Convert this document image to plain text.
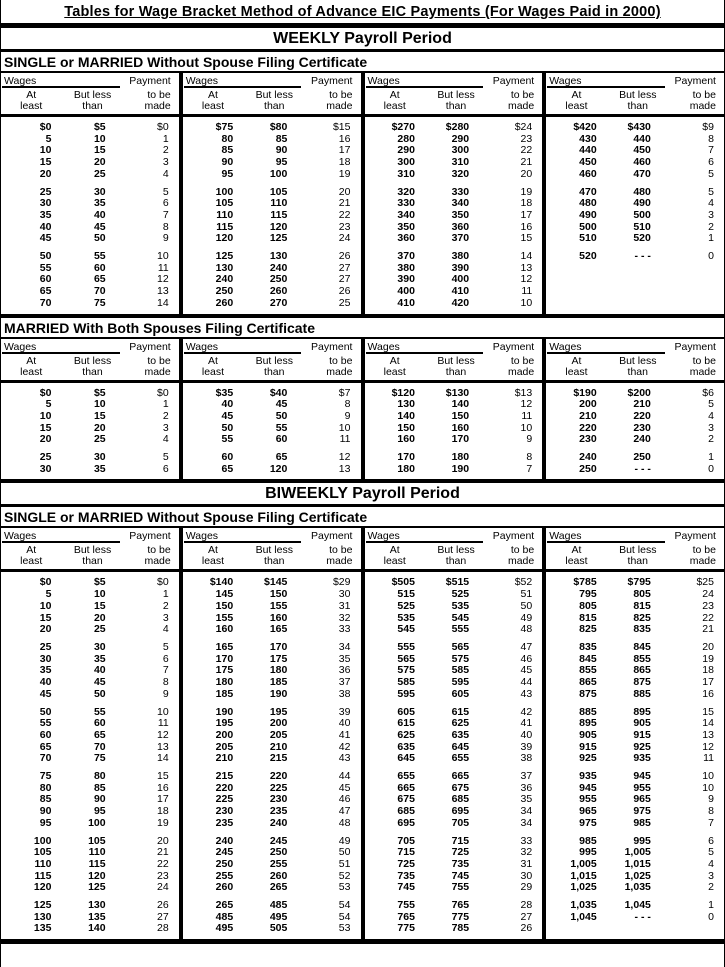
Tables for Wage Bracket Method of Advance EIC Payments (For Wages Paid in 2000)
WEEKLY Payroll Period
SINGLE or MARRIED Without Spouse Filing Certificate
Wages	Payment
At
least
But less
than
to be
made
$0	$5	$0
5	10	1
10	15	2
15	20	3
20	25	4
25	30	5
30	35	6
35	40	7
40	45	8
45	50	9
50	55	10
55	60	11
60	65	12
65	70	13
70	75	14
Wages	Payment
At
least
But less
than
to be
made
$75	$80	$15
80	85	16
85	90	17
90	95	18
95	100	19
100	105	20
105	110	21
110	115	22
115	120	23
120	125	24
125	130	26
130	240	27
240	250	27
250	260	26
260	270	25
Wages	Payment
At
least
But less
than
to be
made
$270	$280	$24
280	290	23
290	300	22
300	310	21
310	320	20
320	330	19
330	340	18
340	350	17
350	360	16
360	370	15
370	380	14
380	390	13
390	400	12
400	410	11
410	420	10
Wages	Payment
At
least
But less
than
to be
made
$420	$430	$9
430	440	8
440	450	7
450	460	6
460	470	5
470	480	5
480	490	4
490	500	3
500	510	2
510	520	1
520	- - -	0
MARRIED With Both Spouses Filing Certificate
Wages	Payment
At
least
But less
than
to be
made
$0	$5	$0
5	10	1
10	15	2
15	20	3
20	25	4
25	30	5
30	35	6
Wages	Payment
At
least
But less
than
to be
made
$35	$40	$7
40	45	8
45	50	9
50	55	10
55	60	11
60	65	12
65	120	13
Wages	Payment
At
least
But less
than
to be
made
$120	$130	$13
130	140	12
140	150	11
150	160	10
160	170	9
170	180	8
180	190	7
Wages	Payment
At
least
But less
than
to be
made
$190	$200	$6
200	210	5
210	220	4
220	230	3
230	240	2
240	250	1
250	- - -	0
BIWEEKLY Payroll Period
SINGLE or MARRIED Without Spouse Filing Certificate
Wages	Payment
At
least
But less
than
to be
made
$0	$5	$0
5	10	1
10	15	2
15	20	3
20	25	4
25	30	5
30	35	6
35	40	7
40	45	8
45	50	9
50	55	10
55	60	11
60	65	12
65	70	13
70	75	14
75	80	15
80	85	16
85	90	17
90	95	18
95	100	19
100	105	20
105	110	21
110	115	22
115	120	23
120	125	24
125	130	26
130	135	27
135	140	28
Wages	Payment
At
least
But less
than
to be
made
$140	$145	$29
145	150	30
150	155	31
155	160	32
160	165	33
165	170	34
170	175	35
175	180	36
180	185	37
185	190	38
190	195	39
195	200	40
200	205	41
205	210	42
210	215	43
215	220	44
220	225	45
225	230	46
230	235	47
235	240	48
240	245	49
245	250	50
250	255	51
255	260	52
260	265	53
265	485	54
485	495	54
495	505	53
Wages	Payment
At
least
But less
than
to be
made
$505	$515	$52
515	525	51
525	535	50
535	545	49
545	555	48
555	565	47
565	575	46
575	585	45
585	595	44
595	605	43
605	615	42
615	625	41
625	635	40
635	645	39
645	655	38
655	665	37
665	675	36
675	685	35
685	695	34
695	705	34
705	715	33
715	725	32
725	735	31
735	745	30
745	755	29
755	765	28
765	775	27
775	785	26
Wages	Payment
At
least
But less
than
to be
made
$785	$795	$25
795	805	24
805	815	23
815	825	22
825	835	21
835	845	20
845	855	19
855	865	18
865	875	17
875	885	16
885	895	15
895	905	14
905	915	13
915	925	12
925	935	11
935	945	10
945	955	10
955	965	9
965	975	8
975	985	7
985	995	6
995	1,005	5
1,005	1,015	4
1,015	1,025	3
1,025	1,035	2
1,035	1,045	1
1,045	- - -	0
